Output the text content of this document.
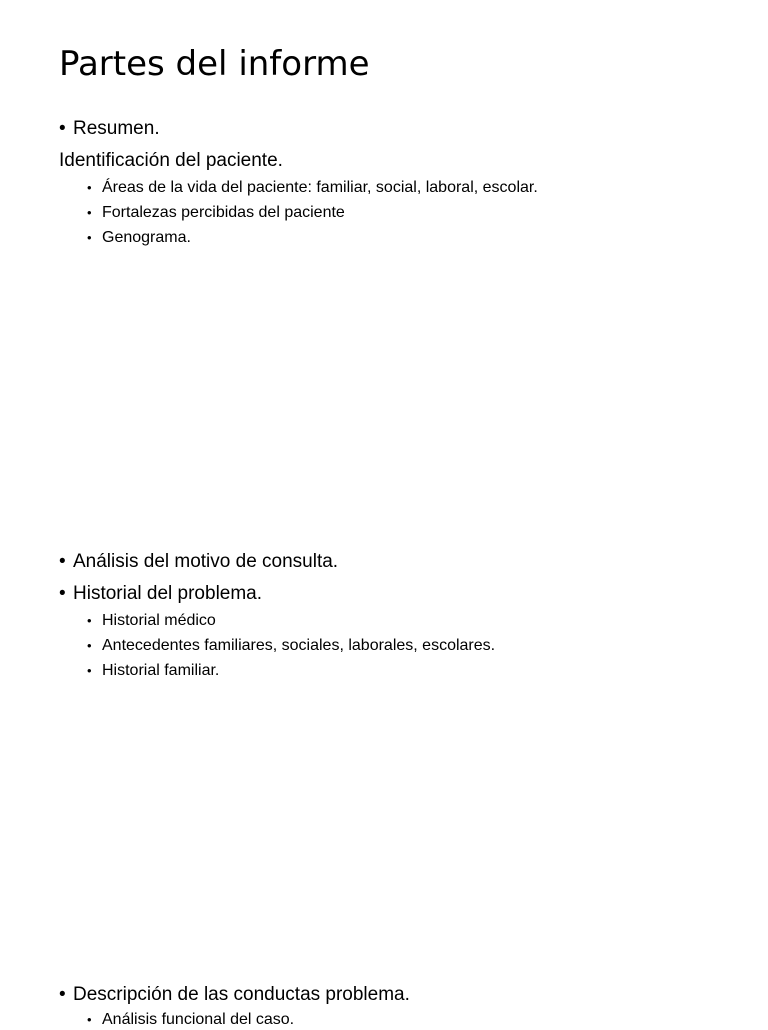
Partes del informe
• Resumen.
Identificación del paciente.
• Áreas de la vida del paciente: familiar, social, laboral, escolar.
• Fortalezas percibidas del paciente
• Genograma.
• Análisis del motivo de consulta.
• Historial del problema.
• Historial médico
• Antecedentes familiares, sociales, laborales, escolares.
• Historial familiar.
• Descripción de las conductas problema.
• Análisis funcional del caso.
